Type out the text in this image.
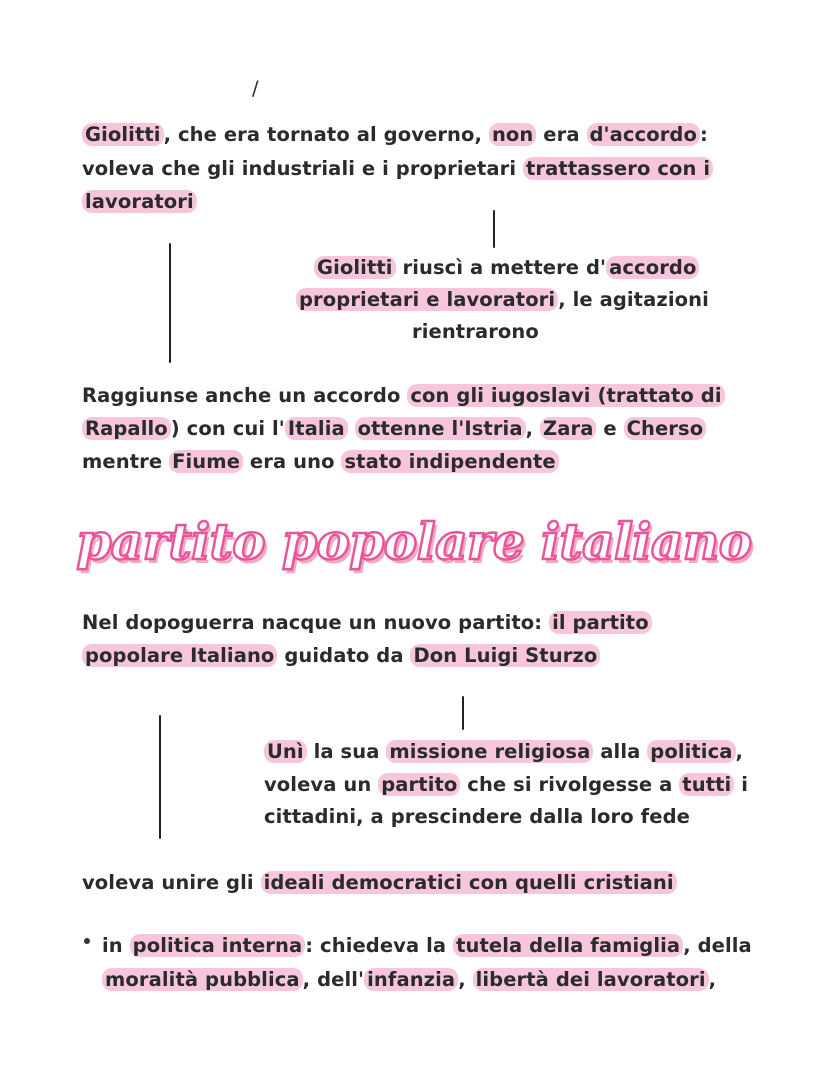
/
Giolitti , che era tornato al governo, non era d'accordo :
voleva che gli industriali e i proprietari trattassero con i
lavoratori
Giolitti riuscì a mettere d' accordo
proprietari e lavoratori , le agitazioni
rientrarono
Raggiunse anche un accordo con gli iugoslavi (trattato di
Rapallo ) con cui l' Italia ottenne l'Istria , Zara e Cherso
mentre Fiume era uno stato indipendente
partito popolare italiano
Nel dopoguerra nacque un nuovo partito: il partito
popolare Italiano guidato da Don Luigi Sturzo
Unì la sua missione religiosa alla politica ,
voleva un partito che si rivolgesse a tutti i
cittadini, a prescindere dalla loro fede
voleva unire gli ideali democratici con quelli cristiani
in politica interna : chiedeva la tutela della famiglia , della
moralità pubblica , dell' infanzia , libertà dei lavoratori ,
